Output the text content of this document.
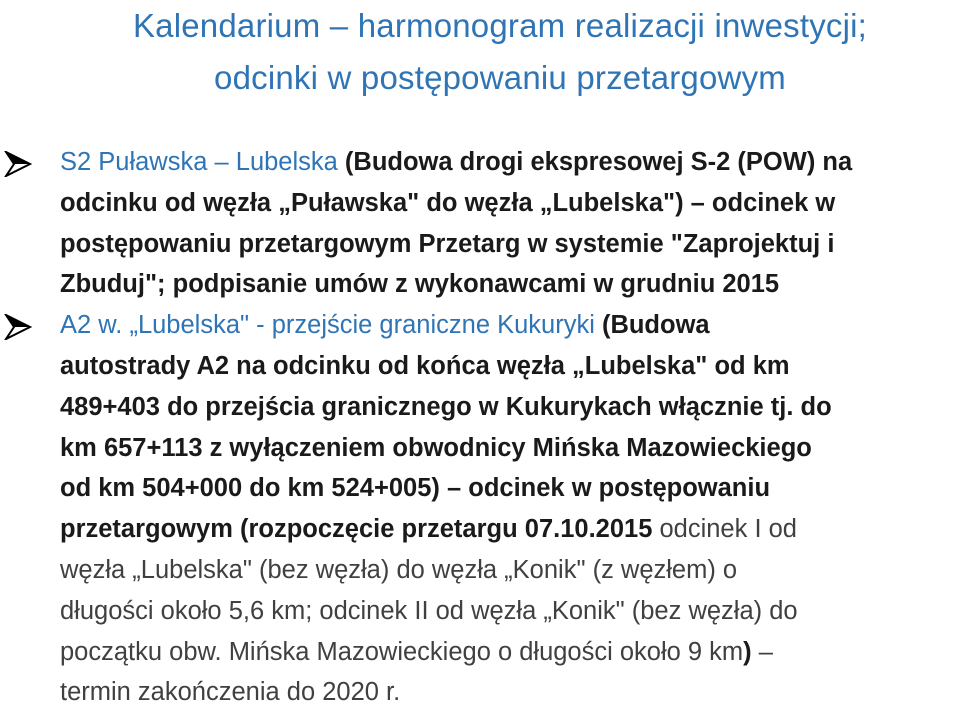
Kalendarium – harmonogram realizacji inwestycji;
odcinki w postępowaniu przetargowym
S2 Puławska – Lubelska (Budowa drogi ekspresowej S-2 (POW) na
odcinku od węzła „Puławska" do węzła „Lubelska") – odcinek w
postępowaniu przetargowym Przetarg w systemie "Zaprojektuj i
Zbuduj"; podpisanie umów z wykonawcami w grudniu 2015
A2 w. „Lubelska" - przejście graniczne Kukuryki (Budowa
autostrady A2 na odcinku od końca węzła „Lubelska" od km
489+403 do przejścia granicznego w Kukurykach włącznie tj. do
km 657+113 z wyłączeniem obwodnicy Mińska Mazowieckiego
od km 504+000 do km 524+005) – odcinek w postępowaniu
przetargowym (rozpoczęcie przetargu 07.10.2015 odcinek I od
węzła „Lubelska" (bez węzła) do węzła „Konik" (z węzłem) o
długości około 5,6 km; odcinek II od węzła „Konik" (bez węzła) do
początku obw. Mińska Mazowieckiego o długości około 9 km) –
termin zakończenia do 2020 r.
